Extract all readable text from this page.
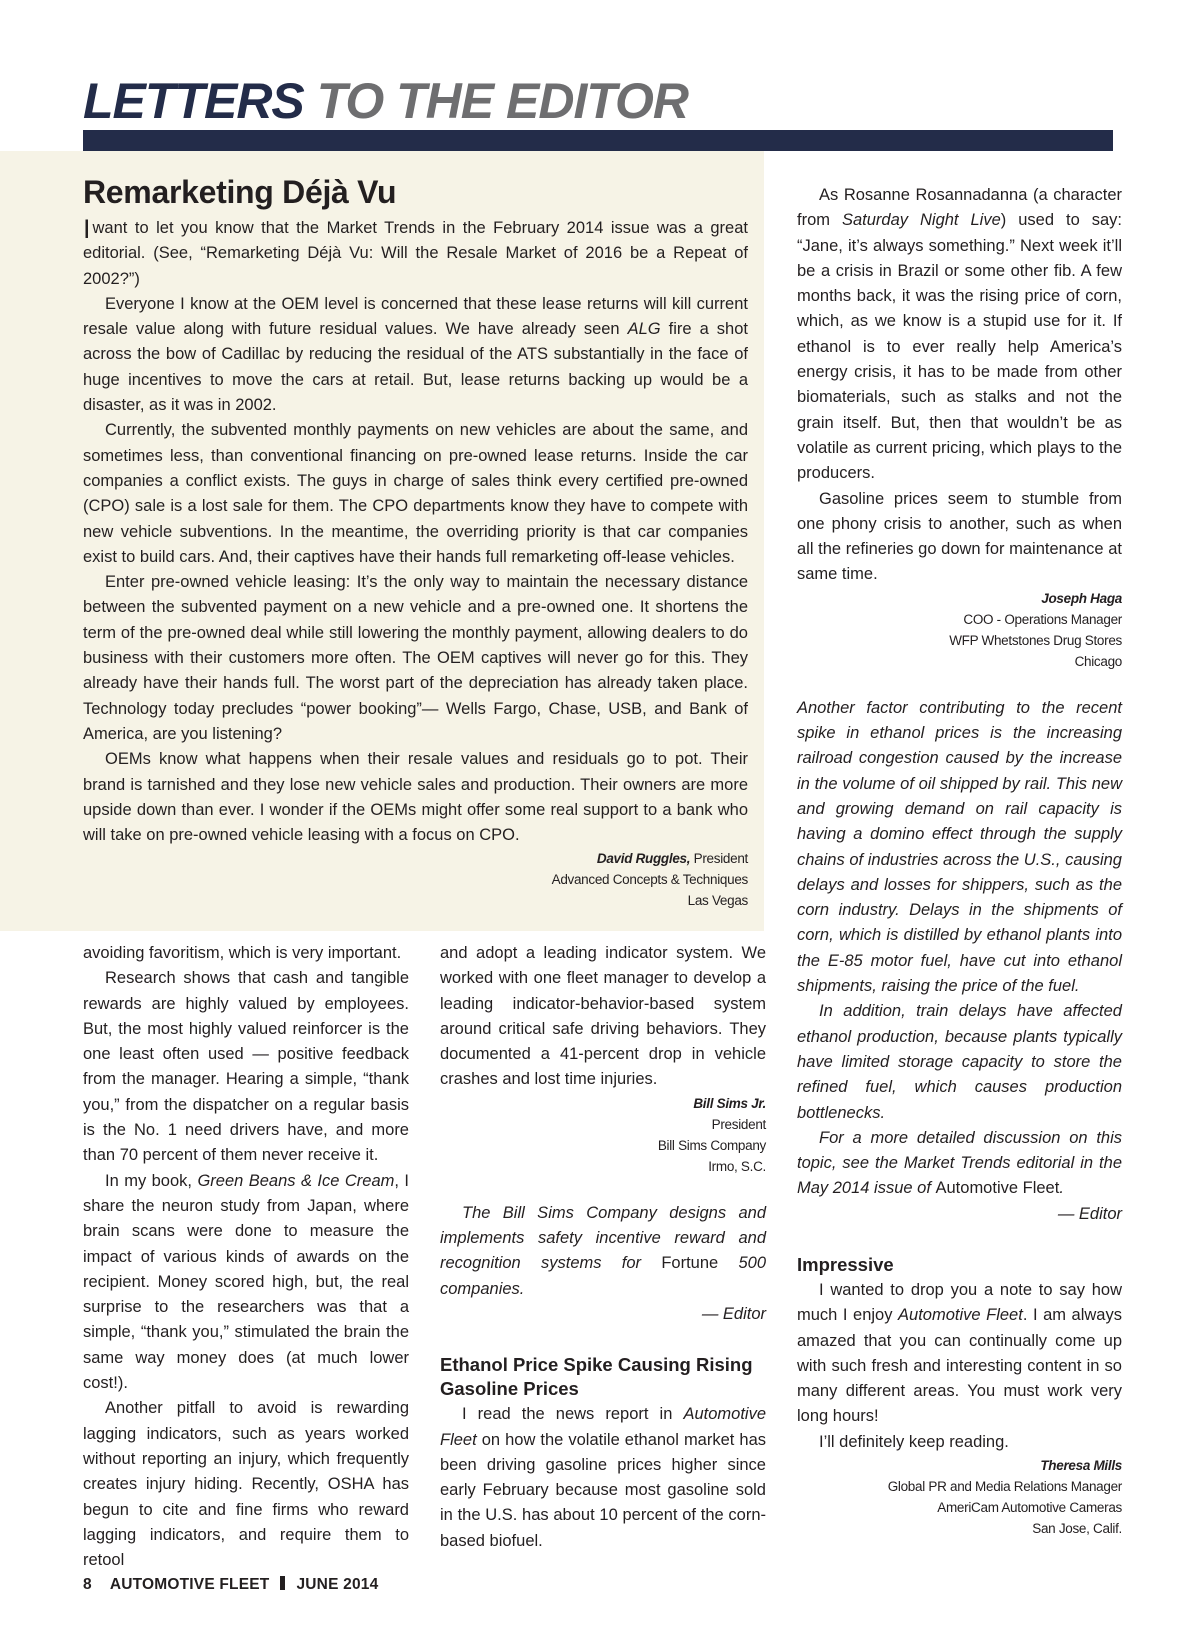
LETTERS TO THE EDITOR
Remarketing Déjà Vu

Iwant to let you know that the Market Trends in the February 2014 issue was a great editorial. (See, “Remarketing Déjà Vu: Will the Resale Market of 2016 be a Repeat of 2002?”)

Everyone I know at the OEM level is concerned that these lease returns will kill current resale value along with future residual values. We have already seen ALG fire a shot across the bow of Cadillac by reducing the residual of the ATS substantially in the face of huge incentives to move the cars at retail. But, lease returns backing up would be a disaster, as it was in 2002.

Currently, the subvented monthly payments on new vehicles are about the same, and sometimes less, than conventional financing on pre-owned lease returns. Inside the car companies a conflict exists. The guys in charge of sales think every certified pre-owned (CPO) sale is a lost sale for them. The CPO departments know they have to compete with new vehicle subventions. In the meantime, the overriding priority is that car companies exist to build cars. And, their captives have their hands full remarketing off-lease vehicles.

Enter pre-owned vehicle leasing: It’s the only way to maintain the necessary distance between the subvented payment on a new vehicle and a pre-owned one. It shortens the term of the pre-owned deal while still lowering the monthly payment, allowing dealers to do business with their customers more often. The OEM captives will never go for this. They already have their hands full. The worst part of the depreciation has already taken place. Technology today precludes “power booking”— Wells Fargo, Chase, USB, and Bank of America, are you listening?

OEMs know what happens when their resale values and residuals go to pot. Their brand is tarnished and they lose new vehicle sales and production. Their owners are more upside down than ever. I wonder if the OEMs might offer some real support to a bank who will take on pre-owned vehicle leasing with a focus on CPO.

David Ruggles, President
Advanced Concepts & Techniques
Las Vegas

avoiding favoritism, which is very important.

Research shows that cash and tangible rewards are highly valued by employees. But, the most highly valued reinforcer is the one least often used — positive feedback from the manager. Hearing a simple, “thank you,” from the dispatcher on a regular basis is the No. 1 need drivers have, and more than 70 percent of them never receive it.

In my book, Green Beans & Ice Cream, I share the neuron study from Japan, where brain scans were done to measure the impact of various kinds of awards on the recipient. Money scored high, but, the real surprise to the researchers was that a simple, “thank you,” stimulated the brain the same way money does (at much lower cost!).

Another pitfall to avoid is rewarding lagging indicators, such as years worked without reporting an injury, which frequently creates injury hiding. Recently, OSHA has begun to cite and fine firms who reward lagging indicators, and require them to retool

and adopt a leading indicator system. We worked with one fleet manager to develop a leading indicator-behavior-based system around critical safe driving behaviors. They documented a 41-percent drop in vehicle crashes and lost time injuries.

Bill Sims Jr.
President
Bill Sims Company
Irmo, S.C.

The Bill Sims Company designs and implements safety incentive reward and recognition systems for Fortune 500 companies.

— Editor
Ethanol Price Spike Causing Rising Gasoline Prices

I read the news report in Automotive Fleet on how the volatile ethanol market has been driving gasoline prices higher since early February because most gasoline sold in the U.S. has about 10 percent of the corn-based biofuel.

As Rosanne Rosannadanna (a character from Saturday Night Live) used to say: “Jane, it’s always something.” Next week it’ll be a crisis in Brazil or some other fib. A few months back, it was the rising price of corn, which, as we know is a stupid use for it. If ethanol is to ever really help America’s energy crisis, it has to be made from other biomaterials, such as stalks and not the grain itself. But, then that wouldn’t be as volatile as current pricing, which plays to the producers.

Gasoline prices seem to stumble from one phony crisis to another, such as when all the refineries go down for maintenance at same time.

Joseph Haga
COO - Operations Manager
WFP Whetstones Drug Stores
Chicago

Another factor contributing to the recent spike in ethanol prices is the increasing railroad congestion caused by the increase in the volume of oil shipped by rail. This new and growing demand on rail capacity is having a domino effect through the supply chains of industries across the U.S., causing delays and losses for shippers, such as the corn industry. Delays in the shipments of corn, which is distilled by ethanol plants into the E-85 motor fuel, have cut into ethanol shipments, raising the price of the fuel.

In addition, train delays have affected ethanol production, because plants typically have limited storage capacity to store the refined fuel, which causes production bottlenecks.

For a more detailed discussion on this topic, see the Market Trends editorial in the May 2014 issue of Automotive Fleet.

— Editor
Impressive

I wanted to drop you a note to say how much I enjoy Automotive Fleet. I am always amazed that you can continually come up with such fresh and interesting content in so many different areas. You must work very long hours!

I’ll definitely keep reading.

Theresa Mills
Global PR and Media Relations Manager
AmeriCam Automotive Cameras
San Jose, Calif.
8 AUTOMOTIVE FLEET JUNE 2014
